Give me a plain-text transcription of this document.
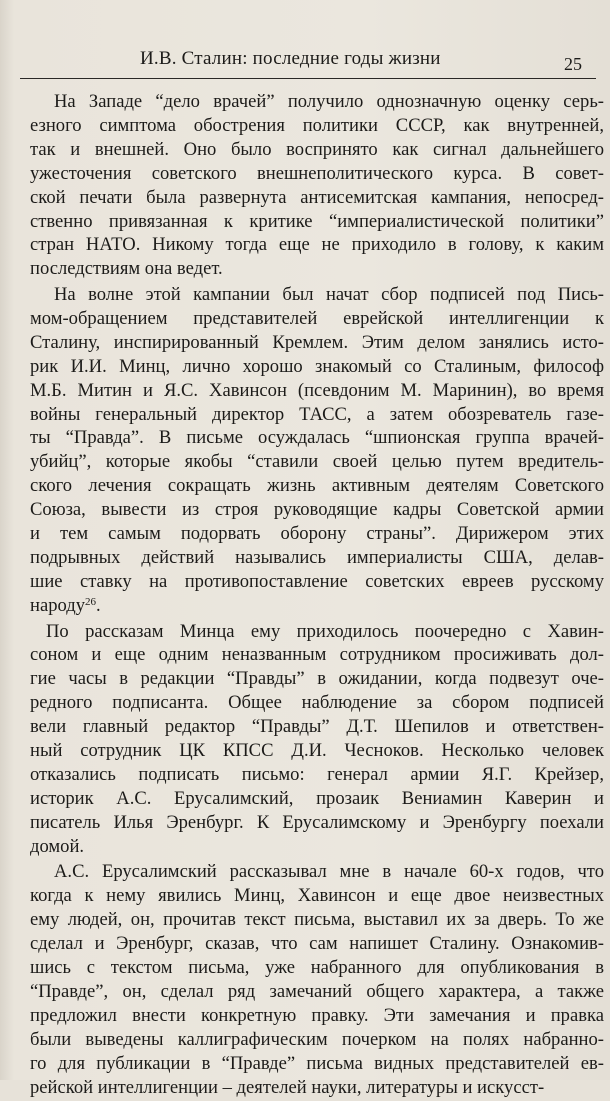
И.В. Сталин: последние годы жизни	25
На Западе “дело врачей” получило однозначную оценку серь-
езного симптома обострения политики СССР, как внутренней,
так и внешней. Оно было воспринято как сигнал дальнейшего
ужесточения советского внешнеполитического курса. В совет-
ской печати была развернута антисемитская кампания, непосред-
ственно привязанная к критике “империалистической политики”
стран НАТО. Никому тогда еще не приходило в голову, к каким
последствиям она ведет.
На волне этой кампании был начат сбор подписей под Пись-
мом-обращением представителей еврейской интеллигенции к
Сталину, инспирированный Кремлем. Этим делом занялись исто-
рик И.И. Минц, лично хорошо знакомый со Сталиным, философ
М.Б. Митин и Я.С. Хавинсон (псевдоним М. Маринин), во время
войны генеральный директор ТАСС, а затем обозреватель газе-
ты “Правда”. В письме осуждалась “шпионская группа врачей-
убийц”, которые якобы “ставили своей целью путем вредитель-
ского лечения сокращать жизнь активным деятелям Советского
Союза, вывести из строя руководящие кадры Советской армии
и тем самым подорвать оборону страны”. Дирижером этих
подрывных действий назывались империалисты США, делав-
шие ставку на противопоставление советских евреев русскому
народу$^{26}$.
По рассказам Минца ему приходилось поочередно с Хавин-
соном и еще одним неназванным сотрудником просиживать дол-
гие часы в редакции “Правды” в ожидании, когда подвезут оче-
редного подписанта. Общее наблюдение за сбором подписей
вели главный редактор “Правды” Д.Т. Шепилов и ответствен-
ный сотрудник ЦК КПСС Д.И. Чесноков. Несколько человек
отказались подписать письмо: генерал армии Я.Г. Крейзер,
историк А.С. Ерусалимский, прозаик Вениамин Каверин и
писатель Илья Эренбург. К Ерусалимскому и Эренбургу поехали
домой.
А.С. Ерусалимский рассказывал мне в начале 60-х годов, что
когда к нему явились Минц, Хавинсон и еще двое неизвестных
ему людей, он, прочитав текст письма, выставил их за дверь. То же
сделал и Эренбург, сказав, что сам напишет Сталину. Ознакомив-
шись с текстом письма, уже набранного для опубликования в
“Правде”, он, сделал ряд замечаний общего характера, а также
предложил внести конкретную правку. Эти замечания и правка
были выведены каллиграфическим почерком на полях набранно-
го для публикации в “Правде” письма видных представителей ев-
рейской интеллигенции – деятелей науки, литературы и искусст-
